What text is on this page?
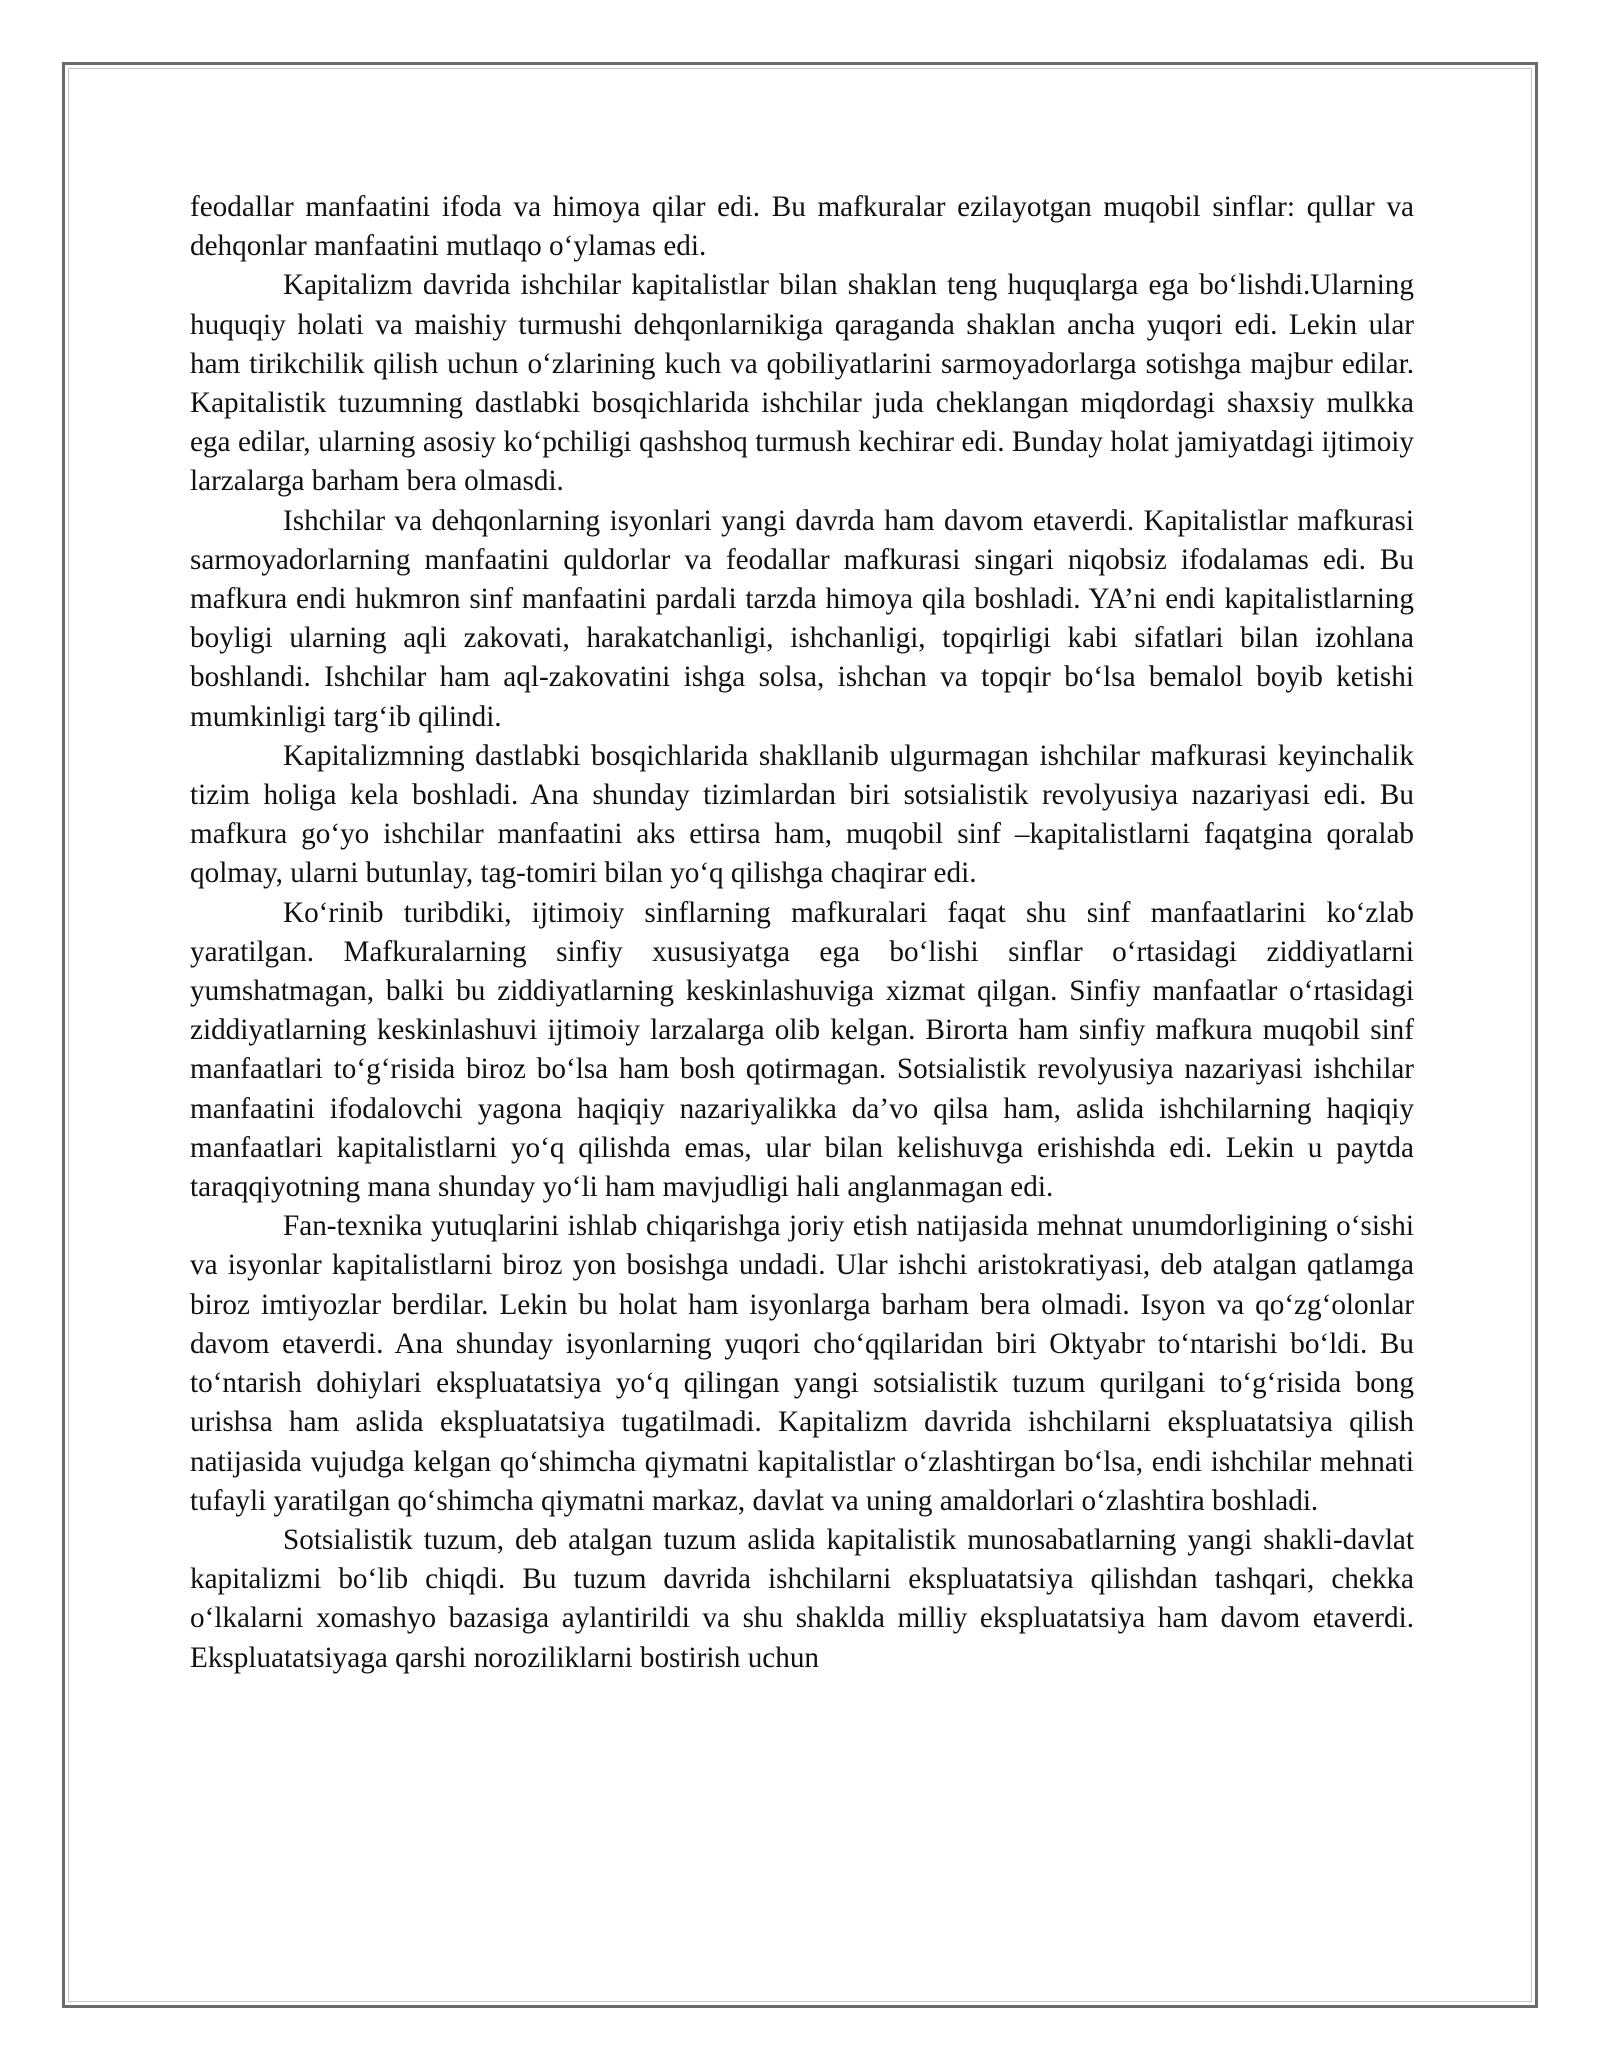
feodallar manfaatini ifoda va himoya qilar edi. Bu mafkuralar ezilayotgan muqobil sinflar: qullar va dehqonlar manfaatini mutlaqo oʻylamas edi.

Kapitalizm davrida ishchilar kapitalistlar bilan shaklan teng huquqlarga ega boʻlishdi.Ularning huquqiy holati va maishiy turmushi dehqonlarnikiga qaraganda shaklan ancha yuqori edi. Lekin ular ham tirikchilik qilish uchun oʻzlarining kuch va qobiliyatlarini sarmoyadorlarga sotishga majbur edilar. Kapitalistik tuzumning dastlabki bosqichlarida ishchilar juda cheklangan miqdordagi shaxsiy mulkka ega edilar, ularning asosiy koʻpchiligi qashshoq turmush kechirar edi. Bunday holat jamiyatdagi ijtimoiy larzalarga barham bera olmasdi.

Ishchilar va dehqonlarning isyonlari yangi davrda ham davom etaverdi. Kapitalistlar mafkurasi sarmoyadorlarning manfaatini quldorlar va feodallar mafkurasi singari niqobsiz ifodalamas edi. Bu mafkura endi hukmron sinf manfaatini pardali tarzda himoya qila boshladi. YA’ni endi kapitalistlarning boyligi ularning aqli zakovati, harakatchanligi, ishchanligi, topqirligi kabi sifatlari bilan izohlana boshlandi. Ishchilar ham aql-zakovatini ishga solsa, ishchan va topqir boʻlsa bemalol boyib ketishi mumkinligi targʻib qilindi.

Kapitalizmning dastlabki bosqichlarida shakllanib ulgurmagan ishchilar mafkurasi keyinchalik tizim holiga kela boshladi. Ana shunday tizimlardan biri sotsialistik revolyusiya nazariyasi edi. Bu mafkura goʻyo ishchilar manfaatini aks ettirsa ham, muqobil sinf –kapitalistlarni faqatgina qoralab qolmay, ularni butunlay, tag-tomiri bilan yoʻq qilishga chaqirar edi.

Koʻrinib turibdiki, ijtimoiy sinflarning mafkuralari faqat shu sinf manfaatlarini koʻzlab yaratilgan. Mafkuralarning sinfiy xususiyatga ega boʻlishi sinflar oʻrtasidagi ziddiyatlarni yumshatmagan, balki bu ziddiyatlarning keskinlashuviga xizmat qilgan. Sinfiy manfaatlar oʻrtasidagi ziddiyatlarning keskinlashuvi ijtimoiy larzalarga olib kelgan. Birorta ham sinfiy mafkura muqobil sinf manfaatlari toʻgʻrisida biroz boʻlsa ham bosh qotirmagan. Sotsialistik revolyusiya nazariyasi ishchilar manfaatini ifodalovchi yagona haqiqiy nazariyalikka da’vo qilsa ham, aslida ishchilarning haqiqiy manfaatlari kapitalistlarni yoʻq qilishda emas, ular bilan kelishuvga erishishda edi. Lekin u paytda taraqqiyotning mana shunday yoʻli ham mavjudligi hali anglanmagan edi.

Fan-texnika yutuqlarini ishlab chiqarishga joriy etish natijasida mehnat unumdorligining oʻsishi va isyonlar kapitalistlarni biroz yon bosishga undadi. Ular ishchi aristokratiyasi, deb atalgan qatlamga biroz imtiyozlar berdilar. Lekin bu holat ham isyonlarga barham bera olmadi. Isyon va qoʻzgʻolonlar davom etaverdi. Ana shunday isyonlarning yuqori choʻqqilaridan biri Oktyabr toʻntarishi boʻldi. Bu toʻntarish dohiylari ekspluatatsiya yoʻq qilingan yangi sotsialistik tuzum qurilgani toʻgʻrisida bong urishsa ham aslida ekspluatatsiya tugatilmadi. Kapitalizm davrida ishchilarni ekspluatatsiya qilish natijasida vujudga kelgan qoʻshimcha qiymatni kapitalistlar oʻzlashtirgan boʻlsa, endi ishchilar mehnati tufayli yaratilgan qoʻshimcha qiymatni markaz, davlat va uning amaldorlari oʻzlashtira boshladi.

Sotsialistik tuzum, deb atalgan tuzum aslida kapitalistik munosabatlarning yangi shakli-davlat kapitalizmi boʻlib chiqdi. Bu tuzum davrida ishchilarni ekspluatatsiya qilishdan tashqari, chekka oʻlkalarni xomashyo bazasiga aylantirildi va shu shaklda milliy ekspluatatsiya ham davom etaverdi. Ekspluatatsiyaga qarshi noroziliklarni bostirish uchun
